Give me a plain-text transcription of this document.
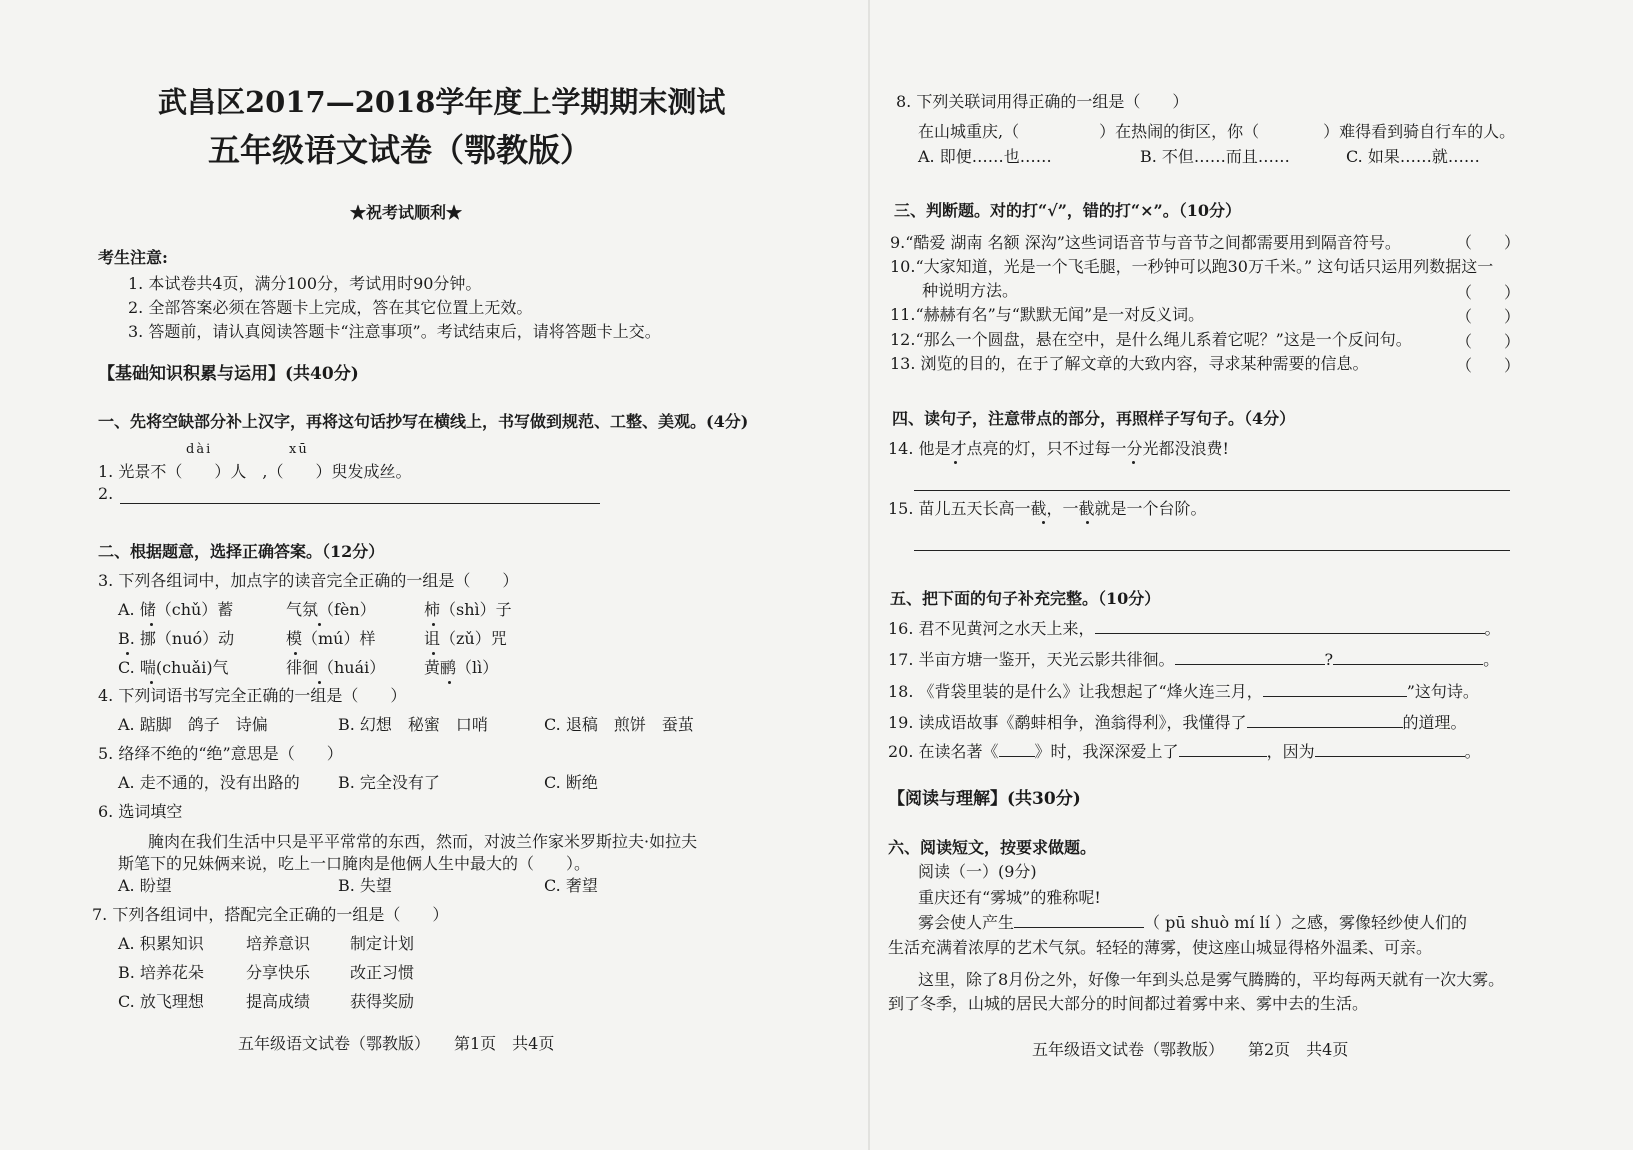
武昌区2017—2018学年度上学期期末测试
五年级语文试卷（鄂教版）
★祝考试顺利★
考生注意:
1. 本试卷共4页，满分100分，考试用时90分钟。
2. 全部答案必须在答题卡上完成，答在其它位置上无效。
3. 答题前，请认真阅读答题卡“注意事项”。考试结束后，请将答题卡上交。
【基础知识积累与运用】(共40分)
一、先将空缺部分补上汉字，再将这句话抄写在横线上，书写做到规范、工整、美观。(4分)
dài	xū
1. 光景不（　　）人　,（　　）臾发成丝。
2.
二、根据题意，选择正确答案。（12分）
3. 下列各组词中，加点字的读音完全正确的一组是（　　）
A. 储（chǔ）蓄	气氛（fèn）	柿（shì）子
B. 挪（nuó）动	模（mú）样	诅（zǔ）咒
C. 喘(chuǎi)气	徘徊（huái） 黄鹂（lì）
4. 下列词语书写完全正确的一组是（　　）
A. 踮脚　鸽子　诗偏	B. 幻想　秘蜜　口哨	C. 退稿　煎饼　蚕茧
5. 络绎不绝的“绝”意思是（　　）
A. 走不通的，没有出路的 B. 完全没有了	C. 断绝
6. 选词填空
腌肉在我们生活中只是平平常常的东西，然而，对波兰作家米罗斯拉夫·如拉夫
斯笔下的兄妹俩来说，吃上一口腌肉是他俩人生中最大的（　　）。
A. 盼望	B. 失望	C. 奢望
7. 下列各组词中，搭配完全正确的一组是（　　）
A. 积累知识	培养意识 制定计划
B. 培养花朵	分享快乐 改正习惯
C. 放飞理想	提高成绩 获得奖励
五年级语文试卷（鄂教版）　　第1页　共4页
8. 下列关联词用得正确的一组是（　　）
在山城重庆,（　　　　　）在热闹的街区，你（　　　　）难得看到骑自行车的人。
A. 即便……也……	B. 不但……而且……	C. 如果……就……
三、判断题。对的打“√”，错的打“×”。（10分）
9.“酷爱 湖南 名额 深沟”这些词语音节与音节之间都需要用到隔音符号。	（　　）
10.“大家知道，光是一个飞毛腿，一秒钟可以跑30万千米。” 这句话只运用列数据这一
种说明方法。	（　　）
11.“赫赫有名”与“默默无闻”是一对反义词。	（　　）
12.“那么一个圆盘，悬在空中，是什么绳儿系着它呢？”这是一个反问句。	（　　）
13. 浏览的目的，在于了解文章的大致内容，寻求某种需要的信息。	（　　）
四、读句子，注意带点的部分，再照样子写句子。（4分）
14. 他是才点亮的灯，只不过每一分光都没浪费!
15. 苗儿五天长高一截，一截就是一个台阶。
五、把下面的句子补充完整。（10分）
16. 君不见黄河之水天上来，	。
17. 半亩方塘一鉴开，天光云影共徘徊。	?	。
18. 《背袋里装的是什么》让我想起了“烽火连三月，	”这句诗。
19. 读成语故事《鹬蚌相争，渔翁得利》，我懂得了	的道理。
20. 在读名著《 》时，我深深爱上了	，因为	。
【阅读与理解】(共30分)
六、阅读短文，按要求做题。
阅读（一）(9分)
重庆还有“雾城”的雅称呢!
雾会使人产生	（ pū shuò mí lí ）之感，雾像轻纱使人们的
生活充满着浓厚的艺术气氛。轻轻的薄雾，使这座山城显得格外温柔、可亲。
这里，除了8月份之外，好像一年到头总是雾气腾腾的，平均每两天就有一次大雾。
到了冬季，山城的居民大部分的时间都过着雾中来、雾中去的生活。
五年级语文试卷（鄂教版）　　第2页　共4页
